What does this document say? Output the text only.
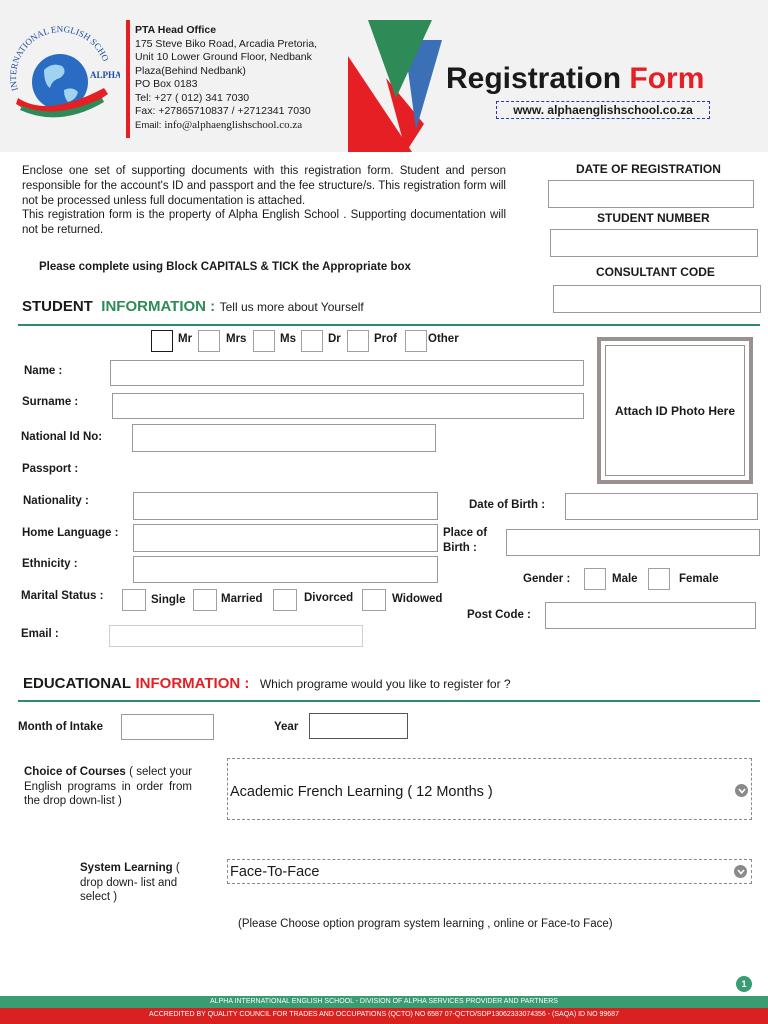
INTERNATIONAL ENGLISH SCHO
ALPHA
PTA Head Office
175 Steve Biko Road, Arcadia Pretoria,
Unit 10 Lower Ground Floor, Nedbank
Plaza(Behind Nedbank)
PO Box 0183
Tel: +27 ( 012) 341 7030
Fax: +27865710837 / +2712341 7030
Email: info@alphaenglishschool.co.za
Registration Form
www. alphaenglishschool.co.za
Enclose one set of supporting documents with this registration form. Student and person responsible for the account's ID and passport and the fee structure/s. This registration form will not be processed unless full documentation is attached.
This registration form is the property of Alpha English School . Supporting documentation will not be returned.
Please complete using Block CAPITALS & TICK the Appropriate box
DATE OF REGISTRATION
STUDENT NUMBER
CONSULTANT CODE
STUDENT INFORMATION : Tell us more about Yourself
Mr	Mrs	Ms	Dr	Prof	Other
Name :
Surname :
National Id No:
Passport :
Nationality :
Home Language :
Ethnicity :
Marital Status :	Single	Married	Divorced	Widowed
Email :
Attach ID Photo Here
Date of Birth :
Place of
Birth :
Gender :	Male	Female
Post Code :
EDUCATIONAL INFORMATION : Which programe would you like to register for ?
Month of Intake	Year
Choice of Courses ( select your English programs in order from the drop down-list )
Academic French Learning ( 12 Months )
System Learning ( drop down- list and select )
Face-To-Face
(Please Choose option program system learning , online or Face-to Face)
1
ALPHA INTERNATIONAL ENGLISH SCHOOL - DIVISION OF ALPHA SERVICES PROVIDER AND PARTNERS
ACCREDITED BY QUALITY COUNCIL FOR TRADES AND OCCUPATIONS (QCTO) NO 6587 07-QCTO/SDP13062333074356 - (SAQA) ID NO 99687
